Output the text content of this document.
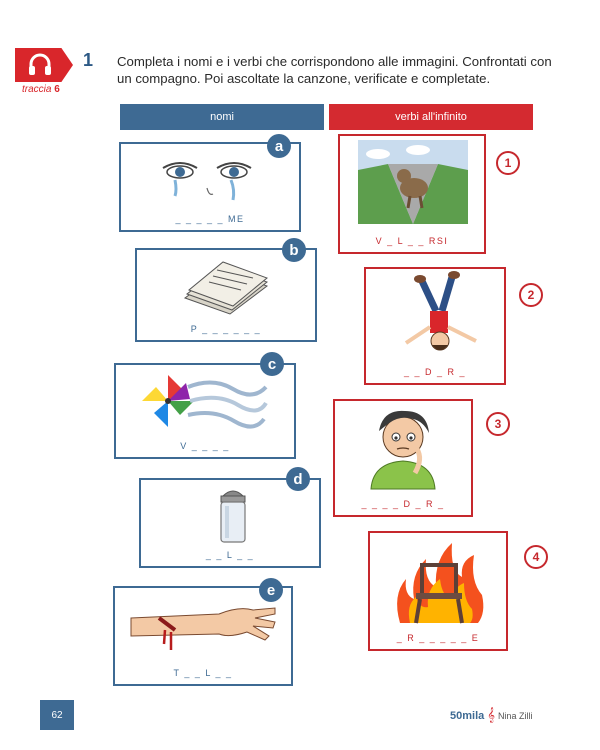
traccia 6
1 Completa i nomi e i verbi che corrispondono alle immagini. Confrontati con un compagno. Poi ascoltate la canzone, verificate e completate.
nomi	verbi all'infinito
_ _ _ _ _ ME
a
P _ _ _ _ _ _
b
V _ _ _ _
c
_ _ L _ _
d
T _ _ L _ _
e
V _ L _ _ RSI
1
_ _ D _ R _
2
_ _ _ _ D _ R _
3
_ R _ _ _ _ _ E
4
62	50mila 𝄞 Nina Zilli
